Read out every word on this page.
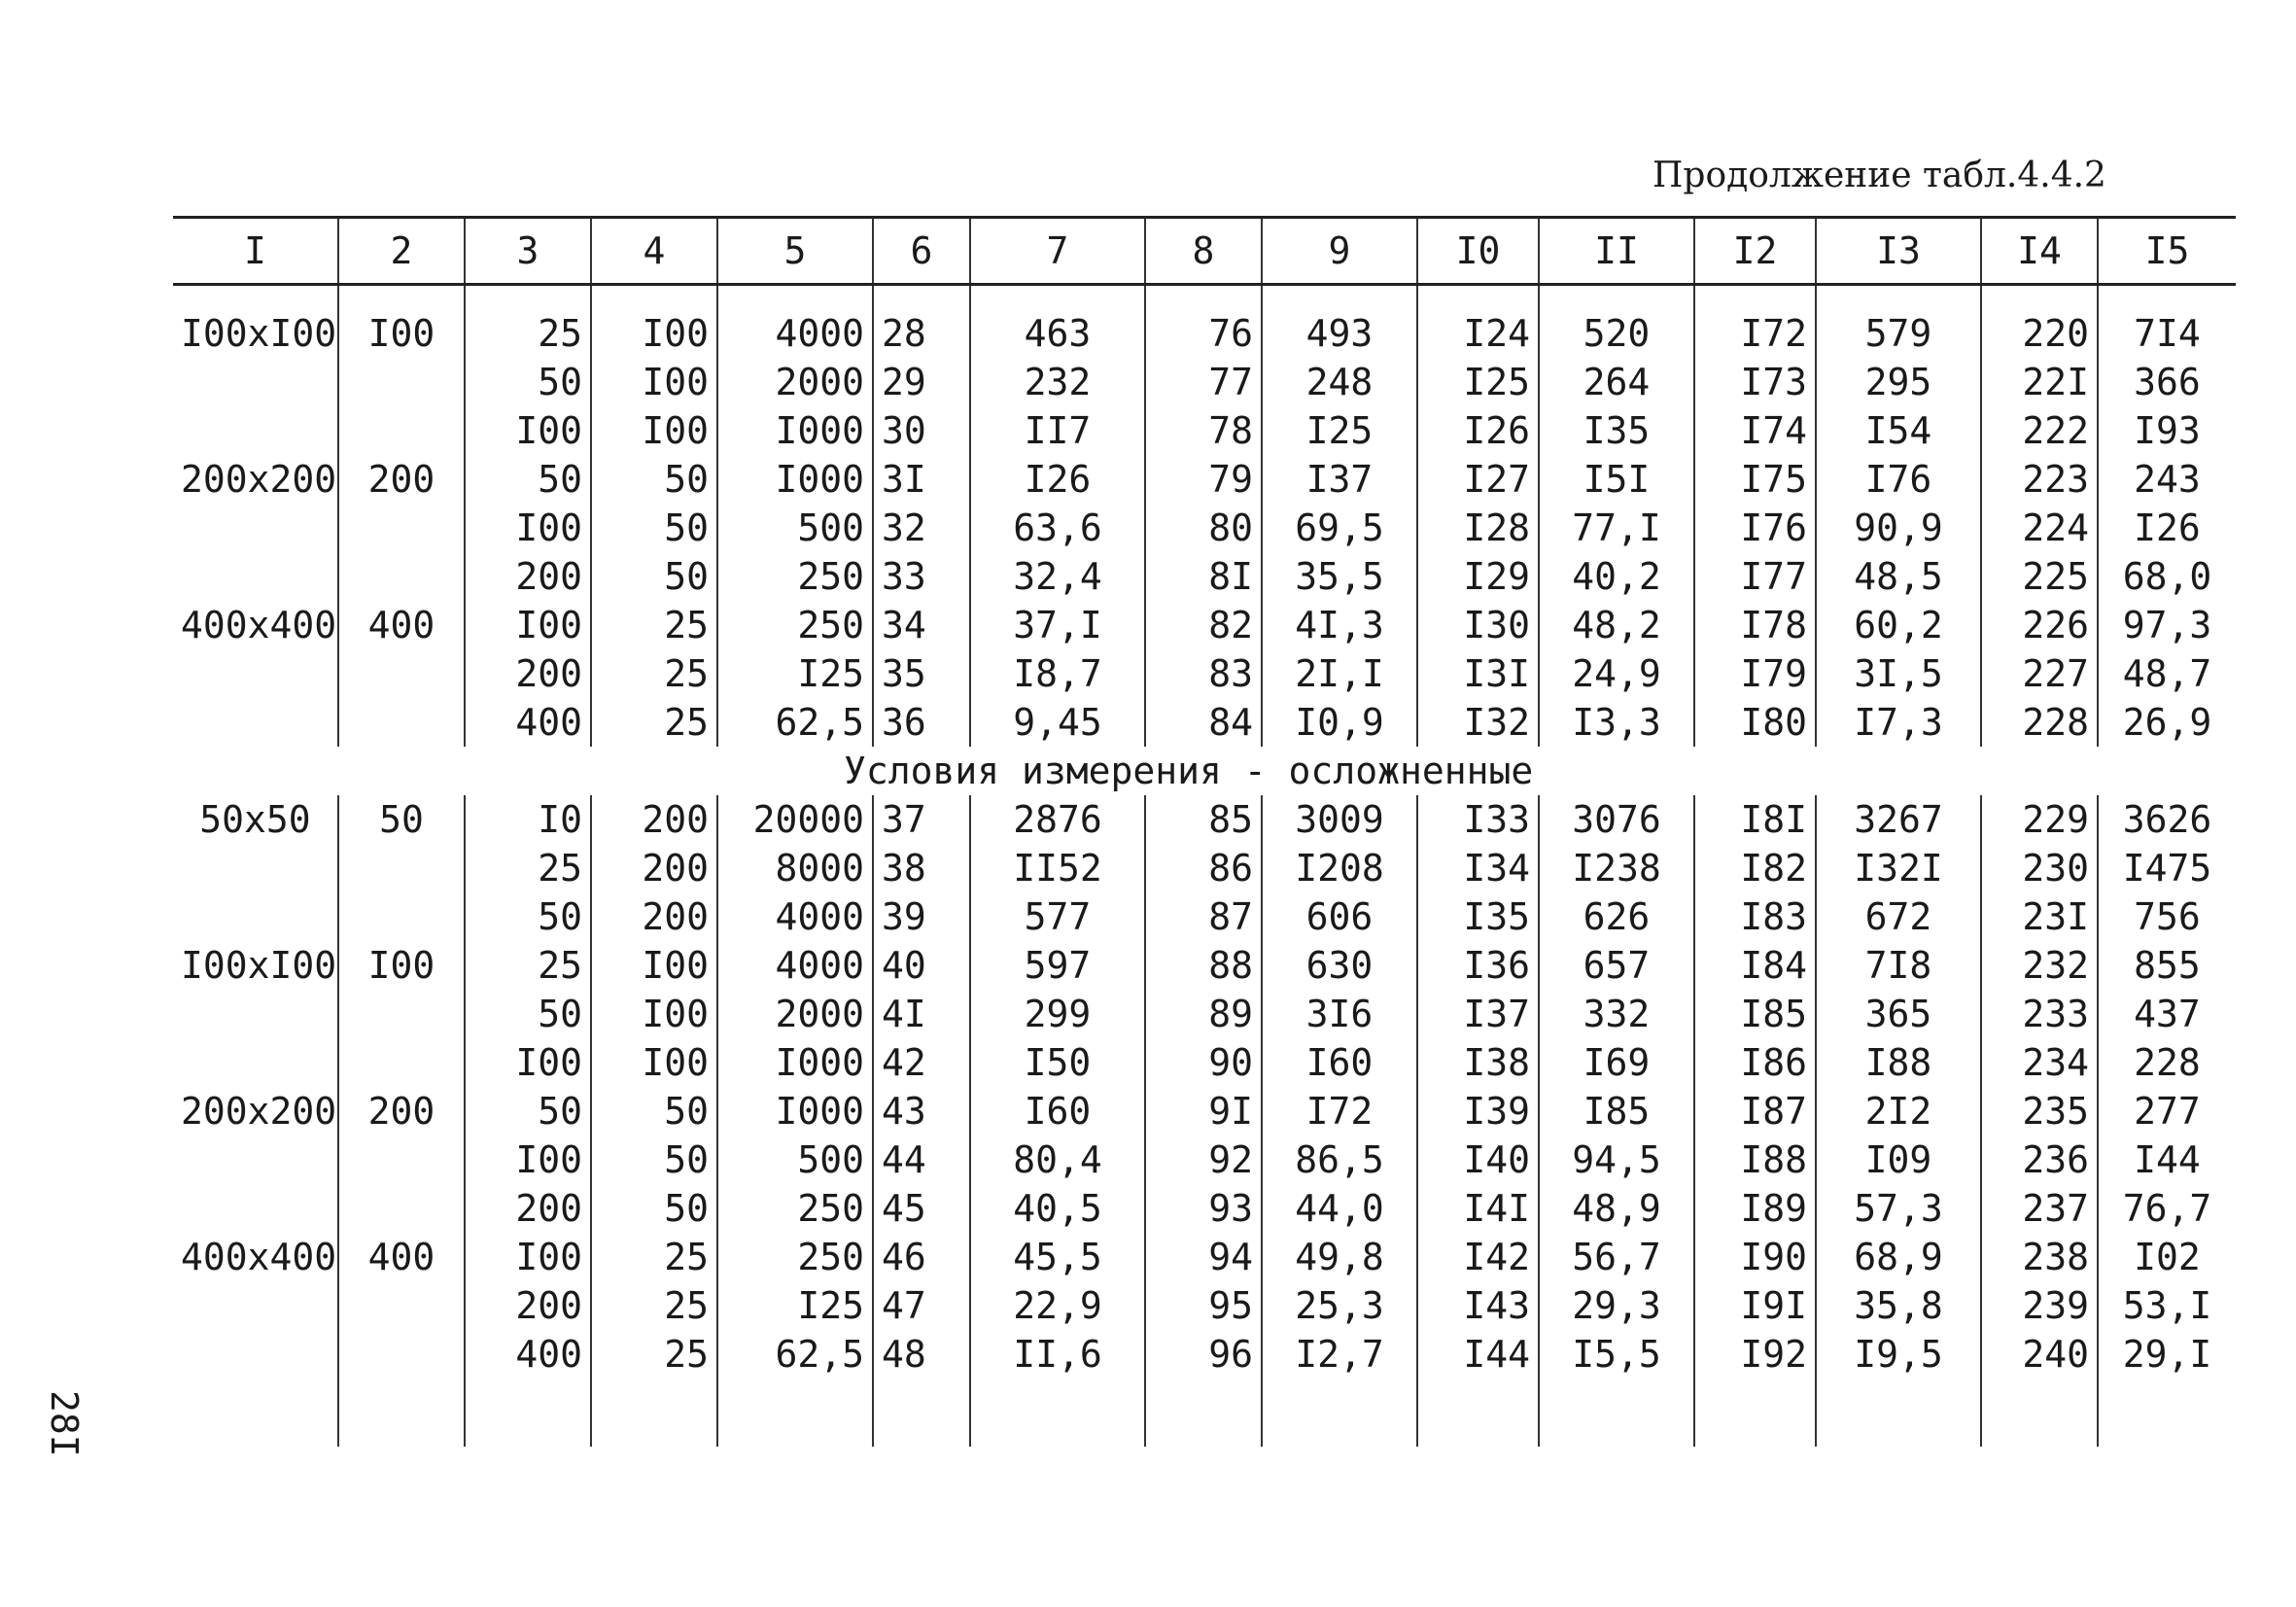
Продолжение табл.4.4.2
28I
I	2	3	4	5	6	7	8	9	I0	II	I2	I3	I4	I5
I00xI00	I00	25	I00	4000	28	463	76	493	I24	520	I72	579	220	7I4
		50	I00	2000	29	232	77	248	I25	264	I73	295	22I	366
		I00	I00	I000	30	II7	78	I25	I26	I35	I74	I54	222	I93
200x200	200	50	50	I000	3I	I26	79	I37	I27	I5I	I75	I76	223	243
		I00	50	500	32	63,6	80	69,5	I28	77,I	I76	90,9	224	I26
		200	50	250	33	32,4	8I	35,5	I29	40,2	I77	48,5	225	68,0
400x400	400	I00	25	250	34	37,I	82	4I,3	I30	48,2	I78	60,2	226	97,3
		200	25	I25	35	I8,7	83	2I,I	I3I	24,9	I79	3I,5	227	48,7
		400	25	62,5	36	9,45	84	I0,9	I32	I3,3	I80	I7,3	228	26,9
Условия измерения - осложненные														
50x50	50	I0	200	20000	37	2876	85	3009	I33	3076	I8I	3267	229	3626
		25	200	8000	38	II52	86	I208	I34	I238	I82	I32I	230	I475
		50	200	4000	39	577	87	606	I35	626	I83	672	23I	756
I00xI00	I00	25	I00	4000	40	597	88	630	I36	657	I84	7I8	232	855
		50	I00	2000	4I	299	89	3I6	I37	332	I85	365	233	437
		I00	I00	I000	42	I50	90	I60	I38	I69	I86	I88	234	228
200x200	200	50	50	I000	43	I60	9I	I72	I39	I85	I87	2I2	235	277
		I00	50	500	44	80,4	92	86,5	I40	94,5	I88	I09	236	I44
		200	50	250	45	40,5	93	44,0	I4I	48,9	I89	57,3	237	76,7
400x400	400	I00	25	250	46	45,5	94	49,8	I42	56,7	I90	68,9	238	I02
		200	25	I25	47	22,9	95	25,3	I43	29,3	I9I	35,8	239	53,I
		400	25	62,5	48	II,6	96	I2,7	I44	I5,5	I92	I9,5	240	29,I
